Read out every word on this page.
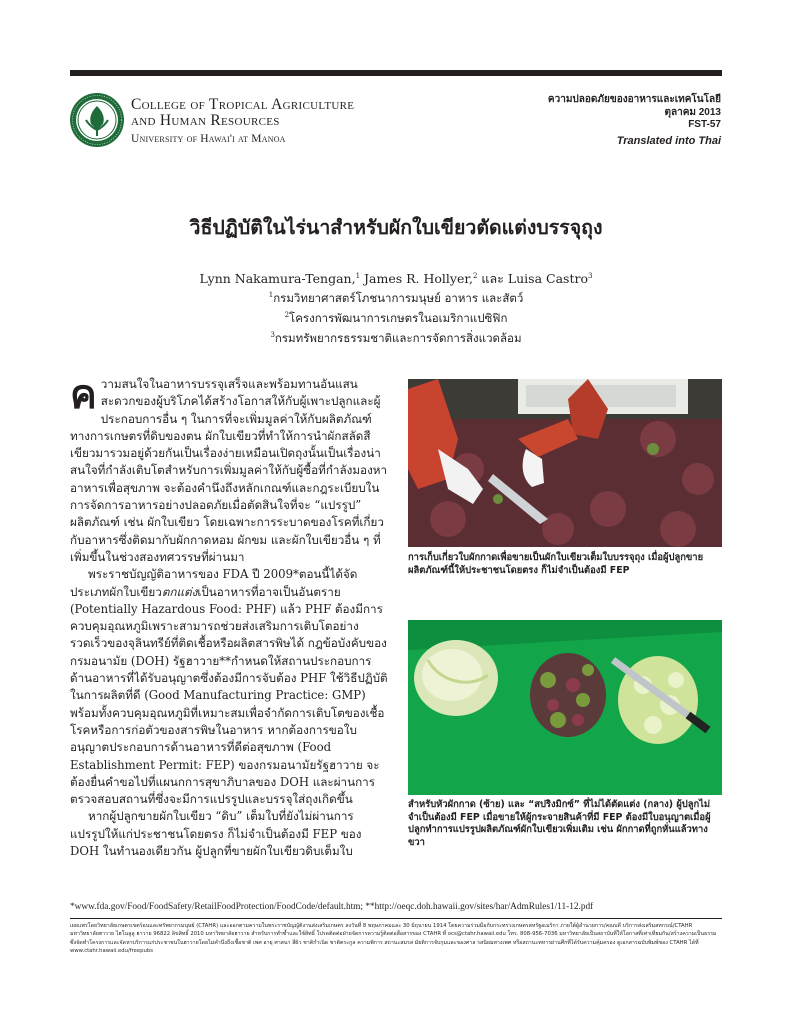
College of Tropical Agriculture
and Human Resources
University of Hawai'i at Manoa
ความปลอดภัยของอาหารและเทคโนโลยี
ตุลาคม 2013
FST-57
Translated into Thai
วิธีปฏิบัติในไร่นาสำหรับผักใบเขียวตัดแต่งบรรจุถุง
Lynn Nakamura-Tengan,$^1$ James R. Hollyer,$^2$ และ Luisa Castro$^3$
$^1$กรมวิทยาศาสตร์โภชนาการมนุษย์ อาหาร และสัตว์
$^2$โครงการพัฒนาการเกษตรในอเมริกาแปซิฟิก
$^3$กรมทรัพยากรธรรมชาติและการจัดการสิ่งแวดล้อม

ความสนใจในอาหารบรรจุเสร็จและพร้อมทานอันแสนสะดวกของผู้บริโภคได้สร้างโอกาสให้กับผู้เพาะปลูกและผู้ประกอบการอื่น ๆ ในการที่จะเพิ่มมูลค่าให้กับผลิตภัณฑ์ทางการเกษตรที่ดิบของตน ผักใบเขียวที่ทำให้การนำผักสลัดสีเขียวมารวมอยู่ด้วยกันเป็นเรื่องง่ายเหมือนเปิดถุงนั้นเป็นเรื่องน่าสนใจที่กำลังเติบโตสำหรับการเพิ่มมูลค่าให้กับผู้ซื้อที่กำลังมองหาอาหารเพื่อสุขภาพ จะต้องคำนึงถึงหลักเกณฑ์และกฎระเบียบในการจัดการอาหารอย่างปลอดภัยเมื่อตัดสินใจที่จะ “แปรรูป” ผลิตภัณฑ์ เช่น ผักใบเขียว โดยเฉพาะการระบาดของโรคที่เกี่ยวกับอาหารซึ่งติดมากับผักกาดหอม ผักขม และผักใบเขียวอื่น ๆ ที่เพิ่มขึ้นในช่วงสองทศวรรษที่ผ่านมา

พระราชบัญญัติอาหารของ FDA ปี 2009*ตอนนี้ได้จัดประเภทผักใบเขียวตกแต่งเป็นอาหารที่อาจเป็นอันตราย (Potentially Hazardous Food: PHF) แล้ว PHF ต้องมีการควบคุมอุณหภูมิเพราะสามารถช่วยส่งเสริมการเติบโตอย่างรวดเร็วของจุลินทรีย์ที่ติดเชื้อหรือผลิตสารพิษได้ กฎข้อบังคับของกรมอนามัย (DOH) รัฐฮาวาย**กำหนดให้สถานประกอบการด้านอาหารที่ได้รับอนุญาตซึ่งต้องมีการจับต้อง PHF ใช้วิธีปฏิบัติในการผลิตที่ดี (Good Manufacturing Practice: GMP) พร้อมทั้งควบคุมอุณหภูมิที่เหมาะสมเพื่อจำกัดการเติบโตของเชื้อโรคหรือการก่อตัวของสารพิษในอาหาร หากต้องการขอใบอนุญาตประกอบการด้านอาหารที่ดีต่อสุขภาพ (Food Establishment Permit: FEP) ของกรมอนามัยรัฐฮาวาย จะต้องยื่นคำขอไปที่แผนกการสุขาภิบาลของ DOH และผ่านการตรวจสอบสถานที่ซึ่งจะมีการแปรรูปและบรรจุใส่ถุงเกิดขึ้น

หากผู้ปลูกขายผักใบเขียว “ดิบ” เต็มใบที่ยังไม่ผ่านการแปรรูปให้แก่ประชาชนโดยตรง ก็ไม่จำเป็นต้องมี FEP ของ DOH ในทำนองเดียวกัน ผู้ปลูกที่ขายผักใบเขียวดิบเต็มใบ

การเก็บเกี่ยวใบผักกาดเพื่อขายเป็นผักใบเขียวเต็มใบบรรจุถุง เมื่อผู้ปลูกขายผลิตภัณฑ์นี้ให้ประชาชนโดยตรง ก็ไม่จำเป็นต้องมี FEP
สำหรับหัวผักกาด (ซ้าย) และ “สปริงมิกซ์” ที่ไม่ได้ตัดแต่ง (กลาง) ผู้ปลูกไม่จำเป็นต้องมี FEP เมื่อขายให้ผู้กระจายสินค้าที่มี FEP ต้องมีใบอนุญาตเมื่อผู้ปลูกทำการแปรรูปผลิตภัณฑ์ผักใบเขียวเพิ่มเติม เช่น ผักกาดที่ถูกหั่นแล้วทางขวา
*www.fda.gov/Food/FoodSafety/RetailFoodProtection/FoodCode/default.htm; **http://oeqc.doh.hawaii.gov/sites/har/AdmRules1/11-12.pdf
เผยแพร่โดยวิทยาลัยเกษตรเขตร้อนและทรัพยากรมนุษย์ (CTAHR) และออกตามความในพระราชบัญญัติงานส่งเสริมเกษตร ลงวันที่ 8 พฤษภาคมและ 30 มิถุนายน 1914 โดยความร่วมมือกับกระทรวงเกษตรสหรัฐอเมริกา ภายใต้ผู้อำนวยการ/คณบดี บริการส่งเสริมสหกรณ์/CTAHR มหาวิทยาลัยฮาวาย ไฮโนลูลู ฮาวาย 96822 ลิขสิทธิ์ 2010 มหาวิทยาลัยฮาวาย สำหรับการทำซ้ำและใช้สิทธิ์ โปรดติดต่อฝ่ายจัดการความรู้ติดต่อสื่อสารของ CTAHR ที่ ocs@ctahr.hawaii.edu โทร. 808-956-7036 มหาวิทยาลัยเป็นสถาบันที่ให้โอกาสที่เท่าเทียมกัน/สร้างความเป็นธรรมซึ่งจัดทำโครงการและจัดหาบริการแก่ประชาชนในฮาวายโดยไม่คำนึงถึงเชื้อชาติ เพศ อายุ ศาสนา สีผิว ชาติกำเนิด ชาติตระกูล ความพิการ สถานะสมรส มัยติการจับกุมและของศาล รสนิยมทางเพศ หรือสถานะทหารผ่านศึกที่ได้รับความคุ้มครอง ดูเอกสารฉบับพิมพ์ของ CTAHR ได้ที่ www.ctahr.hawaii.edu/freepubs
